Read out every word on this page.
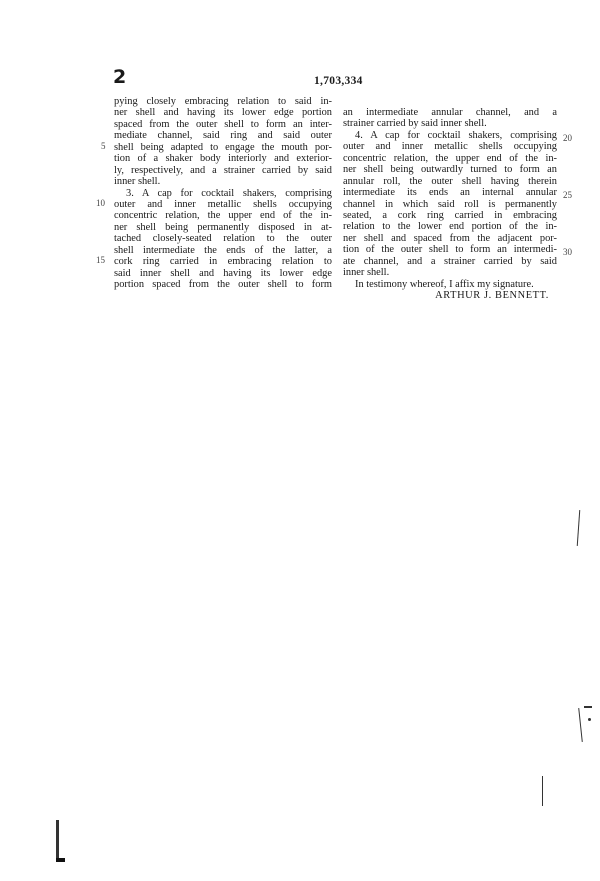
2	1,703,334
5
10
15
20
25
30
pying closely embracing relation to said in-
ner shell and having its lower edge portion
spaced from the outer shell to form an inter-
mediate channel, said ring and said outer
shell being adapted to engage the mouth por-
tion of a shaker body interiorly and exterior-
ly, respectively, and a strainer carried by said
inner shell.
3. A cap for cocktail shakers, comprising
outer and inner metallic shells occupying
concentric relation, the upper end of the in-
ner shell being permanently disposed in at-
tached closely-seated relation to the outer
shell intermediate the ends of the latter, a
cork ring carried in embracing relation to
said inner shell and having its lower edge
portion spaced from the outer shell to form
an intermediate annular channel, and a
strainer carried by said inner shell.
4. A cap for cocktail shakers, comprising
outer and inner metallic shells occupying
concentric relation, the upper end of the in-
ner shell being outwardly turned to form an
annular roll, the outer shell having therein
intermediate its ends an internal annular
channel in which said roll is permanently
seated, a cork ring carried in embracing
relation to the lower end portion of the in-
ner shell and spaced from the adjacent por-
tion of the outer shell to form an intermedi-
ate channel, and a strainer carried by said
inner shell.
In testimony whereof, I affix my signature.
ARTHUR J. BENNETT.
